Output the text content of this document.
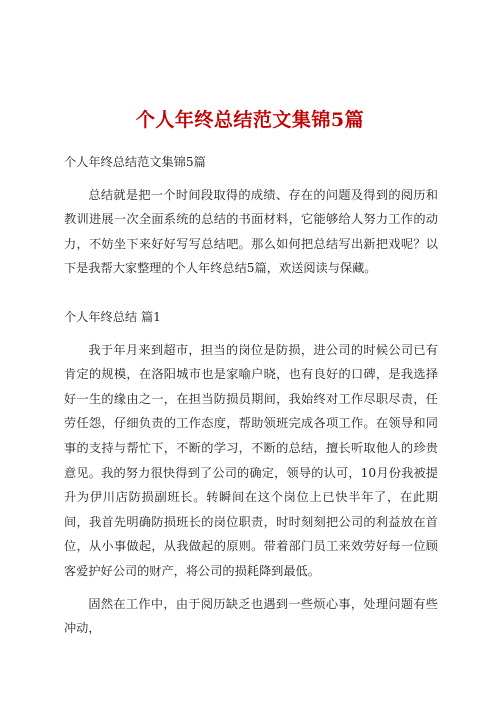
个人年终总结范文集锦5篇

个人年终总结范文集锦5篇

总结就是把一个时间段取得的成绩、存在的问题及得到的阅历和教训进展一次全面系统的总结的书面材料，它能够给人努力工作的动力，不妨坐下来好好写写总结吧。那么如何把总结写出新把戏呢？以下是我帮大家整理的个人年终总结5篇，欢送阅读与保藏。

个人年终总结 篇1

我于年月来到超市，担当的岗位是防损，进公司的时候公司已有肯定的规模，在洛阳城市也是家喻户晓，也有良好的口碑，是我选择好一生的缘由之一，在担当防损员期间，我始终对工作尽职尽责，任劳任怨，仔细负责的工作态度，帮助领班完成各项工作。在领导和同事的支持与帮忙下，不断的学习，不断的总结，擅长听取他人的珍贵意见。我的努力很快得到了公司的确定，领导的认可，10月份我被提升为伊川店防损副班长。转瞬间在这个岗位上已快半年了，在此期间，我首先明确防损班长的岗位职责，时时刻刻把公司的利益放在首位，从小事做起，从我做起的原则。带着部门员工来效劳好每一位顾客爱护好公司的财产，将公司的损耗降到最低。

固然在工作中，由于阅历缺乏也遇到一些烦心事，处理问题有些冲动，
